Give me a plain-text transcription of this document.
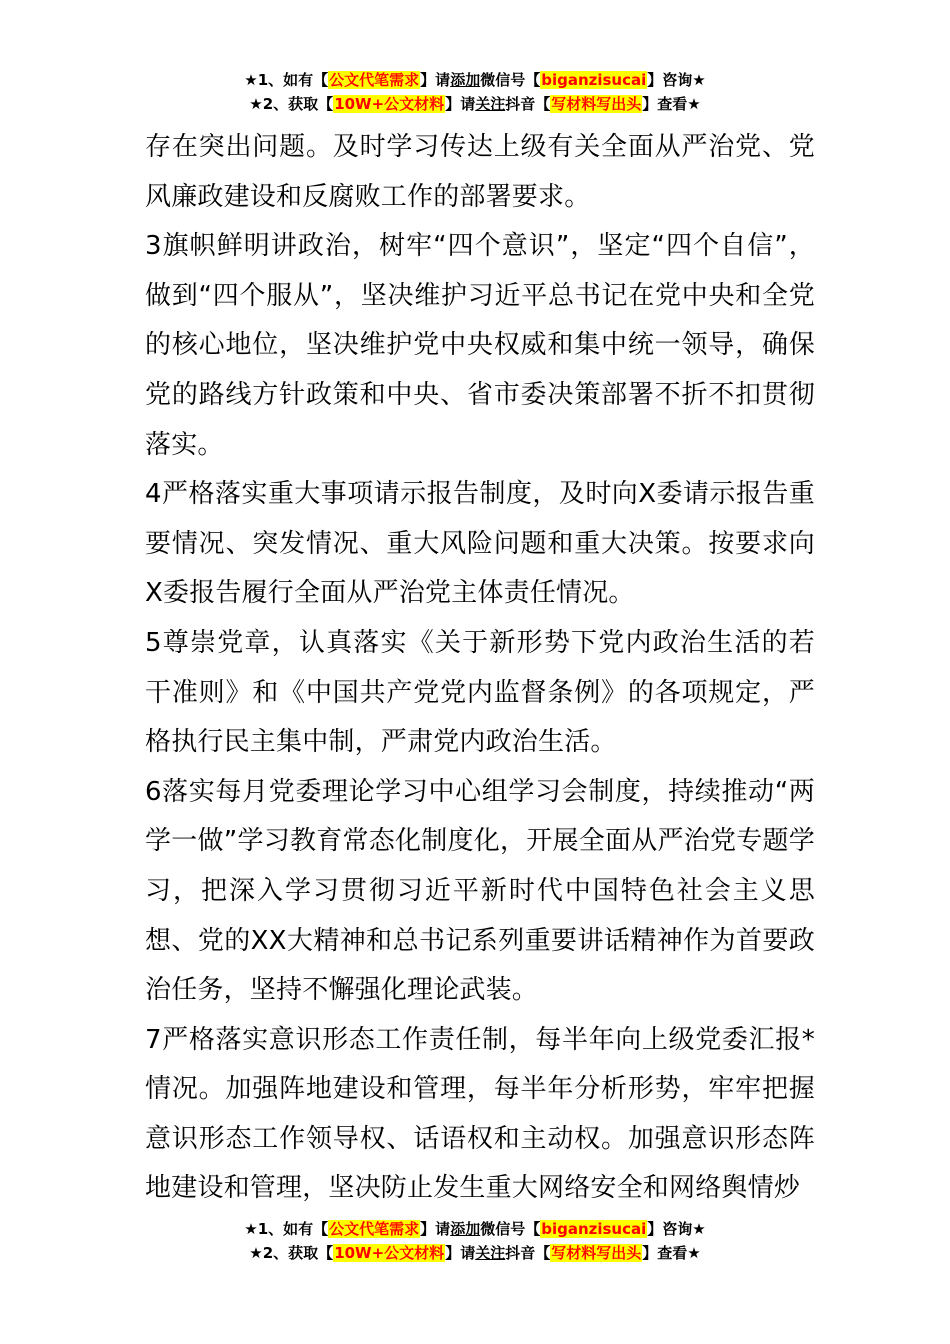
★1、如有【公文代笔需求】请添加微信号【biganzisucai】咨询★
★2、获取【10W+公文材料】请关注抖音【写材料写出头】查看★

存在突出问题。及时学习传达上级有关全面从严治党、党风廉政建设和反腐败工作的部署要求。

3旗帜鲜明讲政治，树牢“四个意识”，坚定“四个自信”，做到“四个服从”，坚决维护习近平总书记在党中央和全党的核心地位，坚决维护党中央权威和集中统一领导，确保党的路线方针政策和中央、省市委决策部署不折不扣贯彻落实。

4严格落实重大事项请示报告制度，及时向X委请示报告重要情况、突发情况、重大风险问题和重大决策。按要求向X委报告履行全面从严治党主体责任情况。

5尊崇党章，认真落实《关于新形势下党内政治生活的若干准则》和《中国共产党党内监督条例》的各项规定，严格执行民主集中制，严肃党内政治生活。

6落实每月党委理论学习中心组学习会制度，持续推动“两学一做”学习教育常态化制度化，开展全面从严治党专题学习，把深入学习贯彻习近平新时代中国特色社会主义思想、党的XX大精神和总书记系列重要讲话精神作为首要政治任务，坚持不懈强化理论武装。

7严格落实意识形态工作责任制，每半年向上级党委汇报*情况。加强阵地建设和管理，每半年分析形势，牢牢把握意识形态工作领导权、话语权和主动权。加强意识形态阵地建设和管理，坚决防止发生重大网络安全和网络舆情炒

★1、如有【公文代笔需求】请添加微信号【biganzisucai】咨询★
★2、获取【10W+公文材料】请关注抖音【写材料写出头】查看★
